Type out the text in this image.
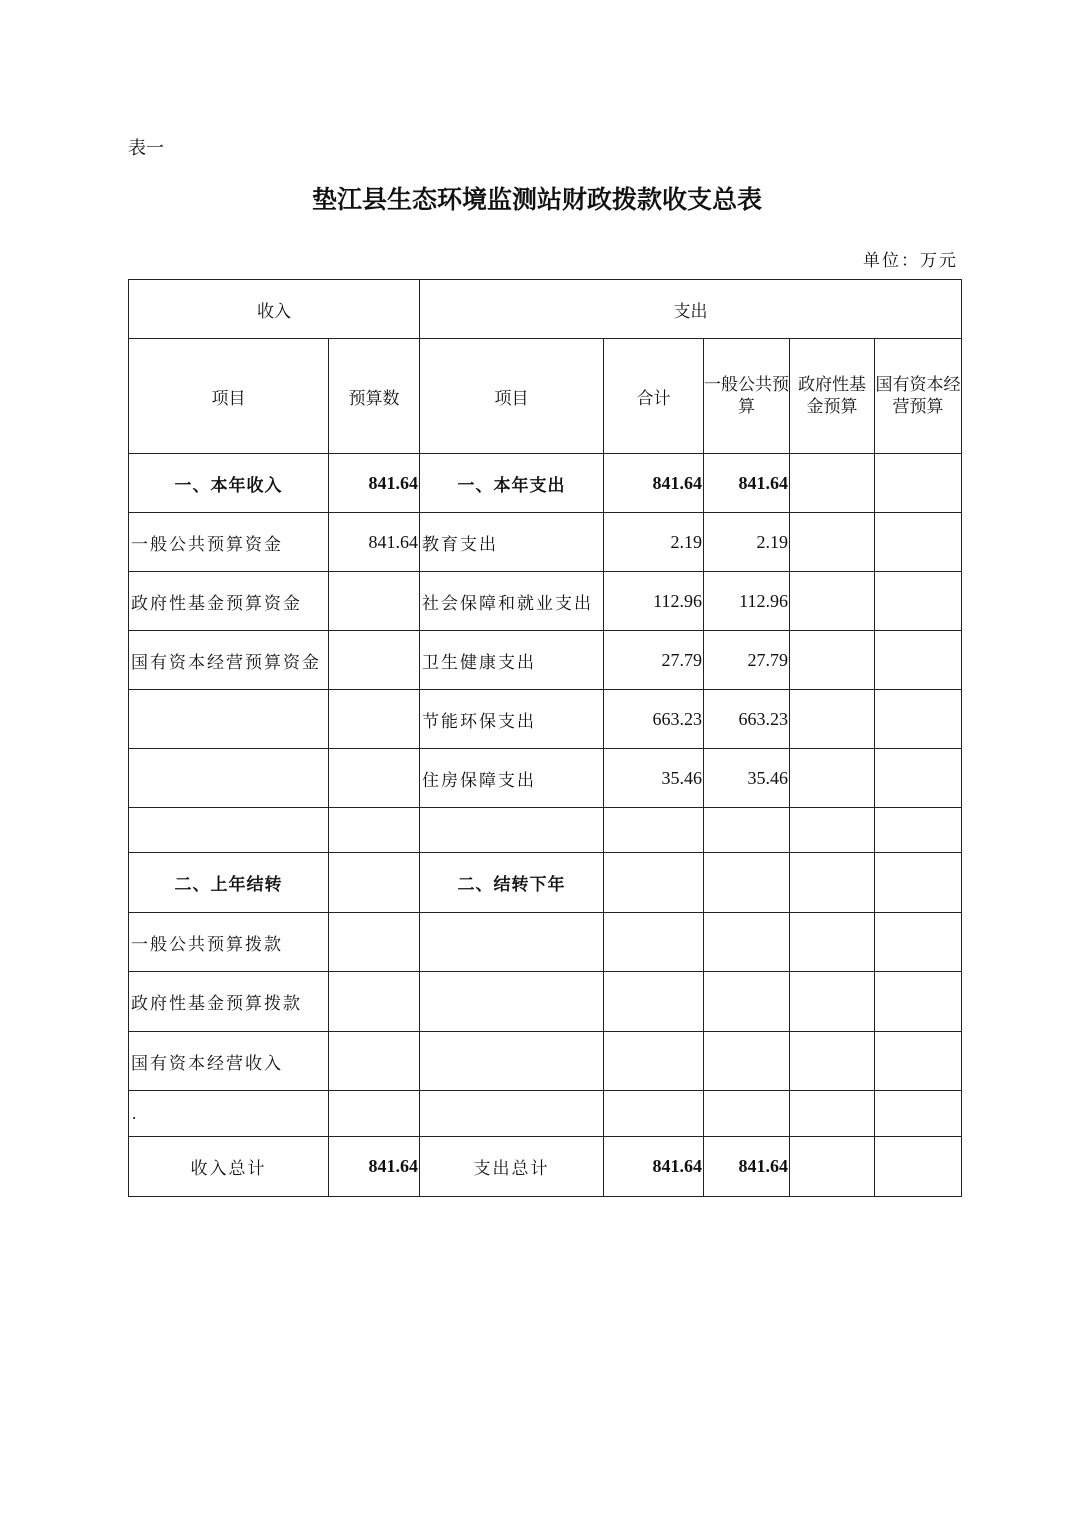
表一
垫江县生态环境监测站财政拨款收支总表
单位：万元
收入		支出				
项目	预算数	项目	合计	一般公共预算	政府性基金预算	国有资本经营预算
一、本年收入	841.64	一、本年支出	841.64	841.64		
一般公共预算资金	841.64	教育支出	2.19	2.19		
政府性基金预算资金		社会保障和就业支出	112.96	112.96		
国有资本经营预算资金		卫生健康支出	27.79	27.79		
		节能环保支出	663.23	663.23		
		住房保障支出	35.46	35.46		

二、上年结转		二、结转下年				
一般公共预算拨款						
政府性基金预算拨款						
国有资本经营收入						
.						
收入总计	841.64	支出总计	841.64	841.64		
